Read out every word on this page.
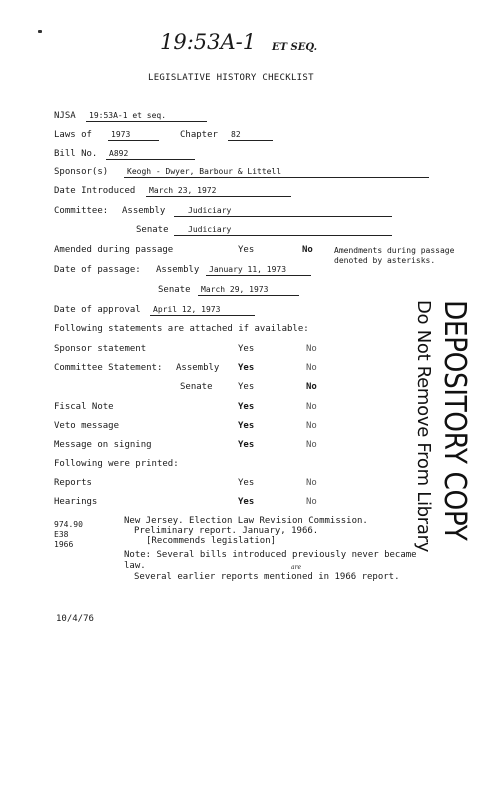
19:53A-1 ET SEQ.
LEGISLATIVE HISTORY CHECKLIST
NJSA	19:53A-1 et seq.
Laws of	1973	Chapter	82
Bill No.	A892
Sponsor(s)	Keogh - Dwyer, Barbour & Littell
Date Introduced	March 23, 1972
Committee: Assembly	Judiciary
Senate	Judiciary
Amended during passage	Yes	No	Amendments during passage
denoted by asterisks.
Date of passage: Assembly	January 11, 1973
Senate	March 29, 1973
Date of approval	April 12, 1973
Following statements are attached if available:
Sponsor statement	Yes	No
Committee Statement: Assembly Yes	No
Senate	Yes	No
Fiscal Note	Yes	No
Veto message	Yes	No
Message on signing	Yes	No
Following were printed:
Reports	Yes	No
Hearings	Yes	No
974.90
E38
1966
New Jersey. Election Law Revision Commission.
Preliminary report. January, 1966.
[Recommends legislation]
Note: Several bills introduced previously never became
law.
Several earlier reports mentioned in 1966 report.
are
10/4/76
DEPOSITORY COPY
Do Not Remove From Library
